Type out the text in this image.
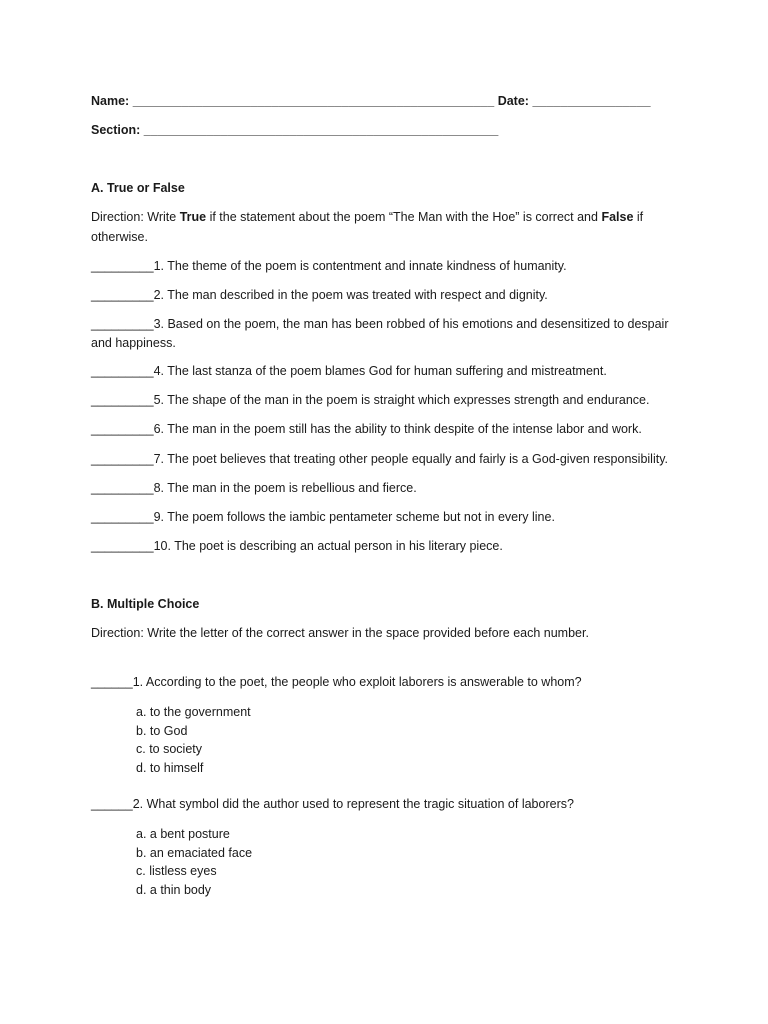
Name: ____________________________________________________ Date: _________________
Section: ___________________________________________________
A. True or False
Direction: Write True if the statement about the poem “The Man with the Hoe” is correct and False if
otherwise.
_________1. The theme of the poem is contentment and innate kindness of humanity.
_________2. The man described in the poem was treated with respect and dignity.
_________3. Based on the poem, the man has been robbed of his emotions and desensitized to despair
and happiness.
_________4. The last stanza of the poem blames God for human suffering and mistreatment.
_________5. The shape of the man in the poem is straight which expresses strength and endurance.
_________6. The man in the poem still has the ability to think despite of the intense labor and work.
_________7. The poet believes that treating other people equally and fairly is a God-given responsibility.
_________8. The man in the poem is rebellious and fierce.
_________9. The poem follows the iambic pentameter scheme but not in every line.
_________10. The poet is describing an actual person in his literary piece.
B. Multiple Choice
Direction: Write the letter of the correct answer in the space provided before each number.
______1. According to the poet, the people who exploit laborers is answerable to whom?
a. to the government
b. to God
c. to society
d. to himself
______2. What symbol did the author used to represent the tragic situation of laborers?
a. a bent posture
b. an emaciated face
c. listless eyes
d. a thin body
